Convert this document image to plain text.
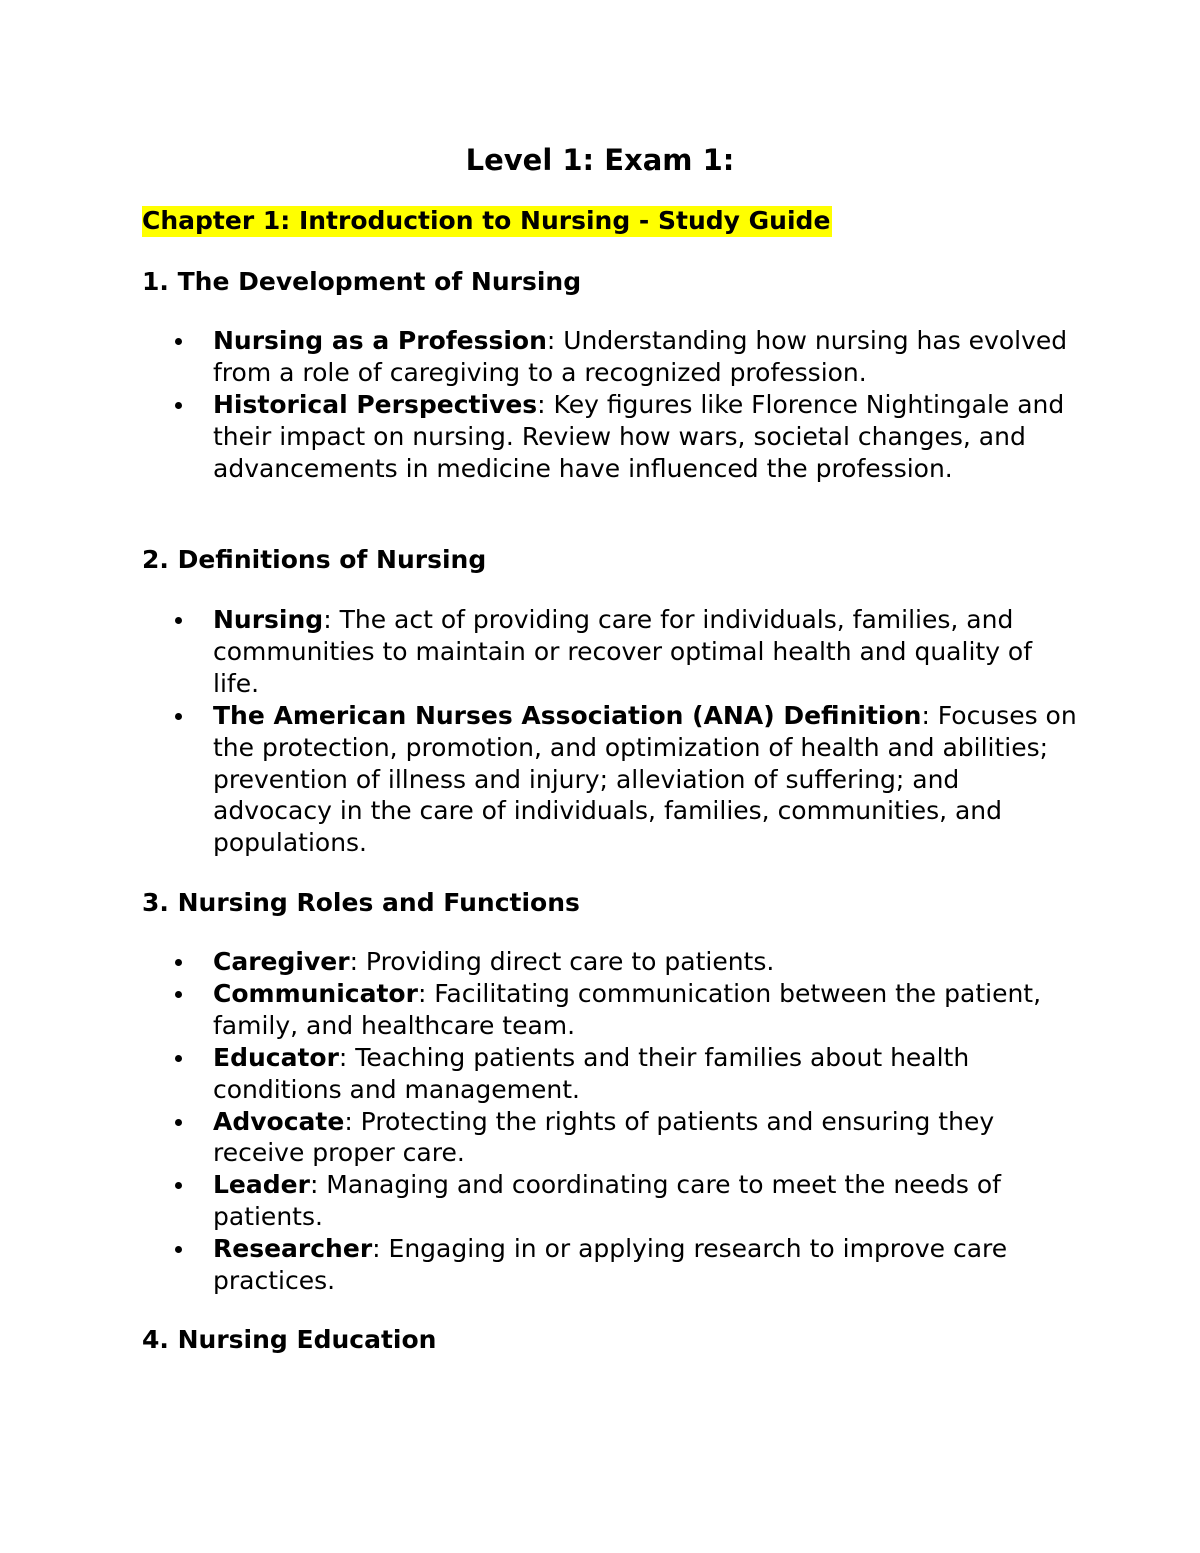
Level 1: Exam 1:
Chapter 1: Introduction to Nursing - Study Guide
1. The Development of Nursing
Nursing as a Profession: Understanding how nursing has evolved from a role of caregiving to a recognized profession.
Historical Perspectives: Key figures like Florence Nightingale and their impact on nursing. Review how wars, societal changes, and advancements in medicine have influenced the profession.
2. Definitions of Nursing
Nursing: The act of providing care for individuals, families, and communities to maintain or recover optimal health and quality of life.
The American Nurses Association (ANA) Definition: Focuses on the protection, promotion, and optimization of health and abilities; prevention of illness and injury; alleviation of suffering; and advocacy in the care of individuals, families, communities, and populations.
3. Nursing Roles and Functions
Caregiver: Providing direct care to patients.
Communicator: Facilitating communication between the patient, family, and healthcare team.
Educator: Teaching patients and their families about health conditions and management.
Advocate: Protecting the rights of patients and ensuring they receive proper care.
Leader: Managing and coordinating care to meet the needs of patients.
Researcher: Engaging in or applying research to improve care practices.
4. Nursing Education
